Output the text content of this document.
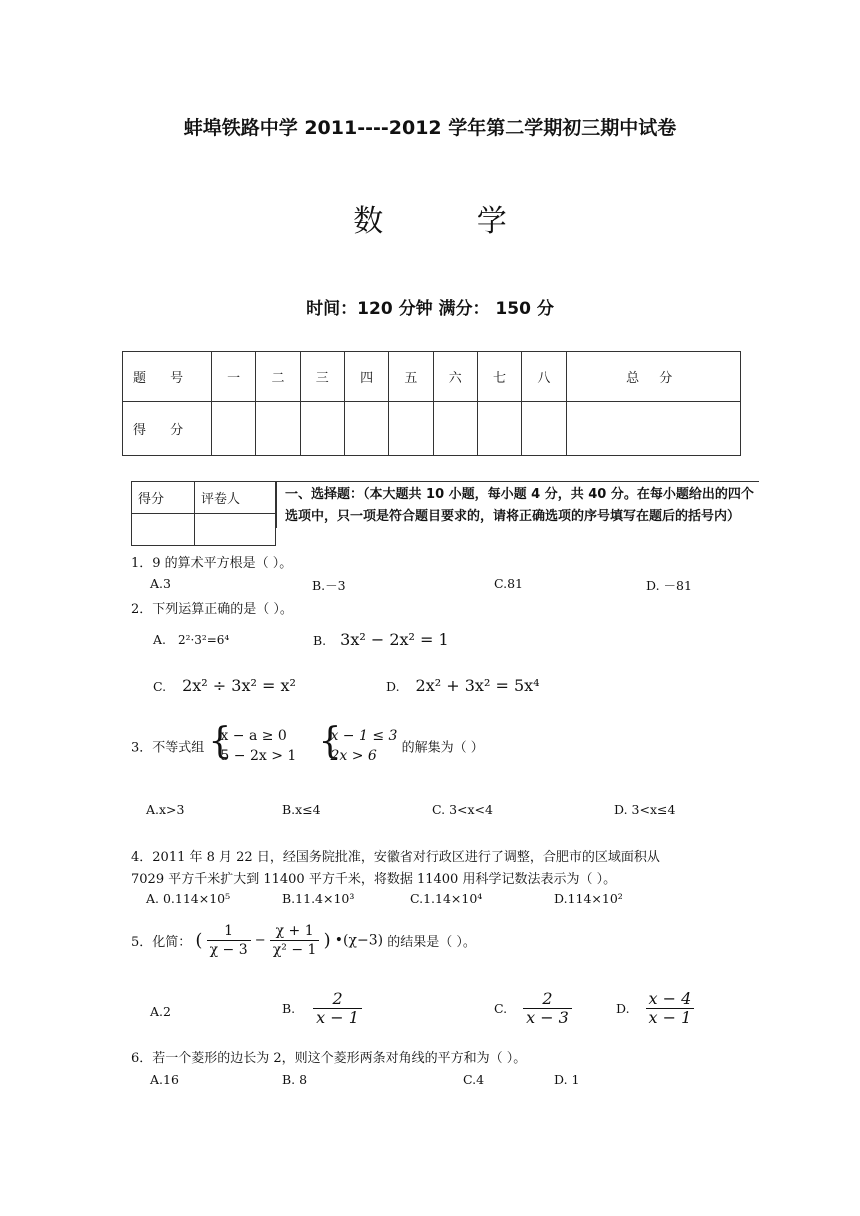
蚌埠铁路中学 2011----2012 学年第二学期初三期中试卷
数 学
时间：120 分钟 满分： 150 分
题 号	一	二	三	四	五	六	七	八	总 分
得 分									
得分	评卷人
		一、选择题：（本大题共 10 小题，每小题 4 分，共 40 分。在每小题给出的四个选项中，只一项是符合题目要求的，请将正确选项的序号填写在题后的括号内）
1．9 的算术平方根是（ ）。
A.3	B.－3	C.81	D. －81
2．下列运算正确的是（ ）。
A. 2²·3²=6⁴	B. 3x² − 2x² = 1
C. 2x² ÷ 3x² = x²	D. 2x² + 3x² = 5x⁴
3．不等式组 {
x − a ≥ 0
5 − 2x > 1
{
x − 1 ≤ 3
2x > 6	的解集为（ ）
A.x>3	B.x≤4	C. 3<x<4	D. 3<x≤4
4．2011 年 8 月 22 日，经国务院批准，安徽省对行政区进行了调整，合肥市的区域面积从
7029 平方千米扩大到 11400 平方千米，将数据 11400 用科学记数法表示为（ ）。
A. 0.114×10⁵	B.11.4×10³	C.1.14×10⁴	D.114×10²
5．化简： ( $\frac{1}{\chi - 3} - \frac{\chi + 1}{\text{χ² − 1}}$ ) •(χ−3) 的结果是（ ）。
A.2	B. $\frac{2}{x - 1}$	C. $\frac{2}{x - 3}$	D. $\frac{x - 4}{x - 1}$
6．若一个菱形的边长为 2，则这个菱形两条对角线的平方和为（ ）。
A.16	B. 8	C.4	D. 1
